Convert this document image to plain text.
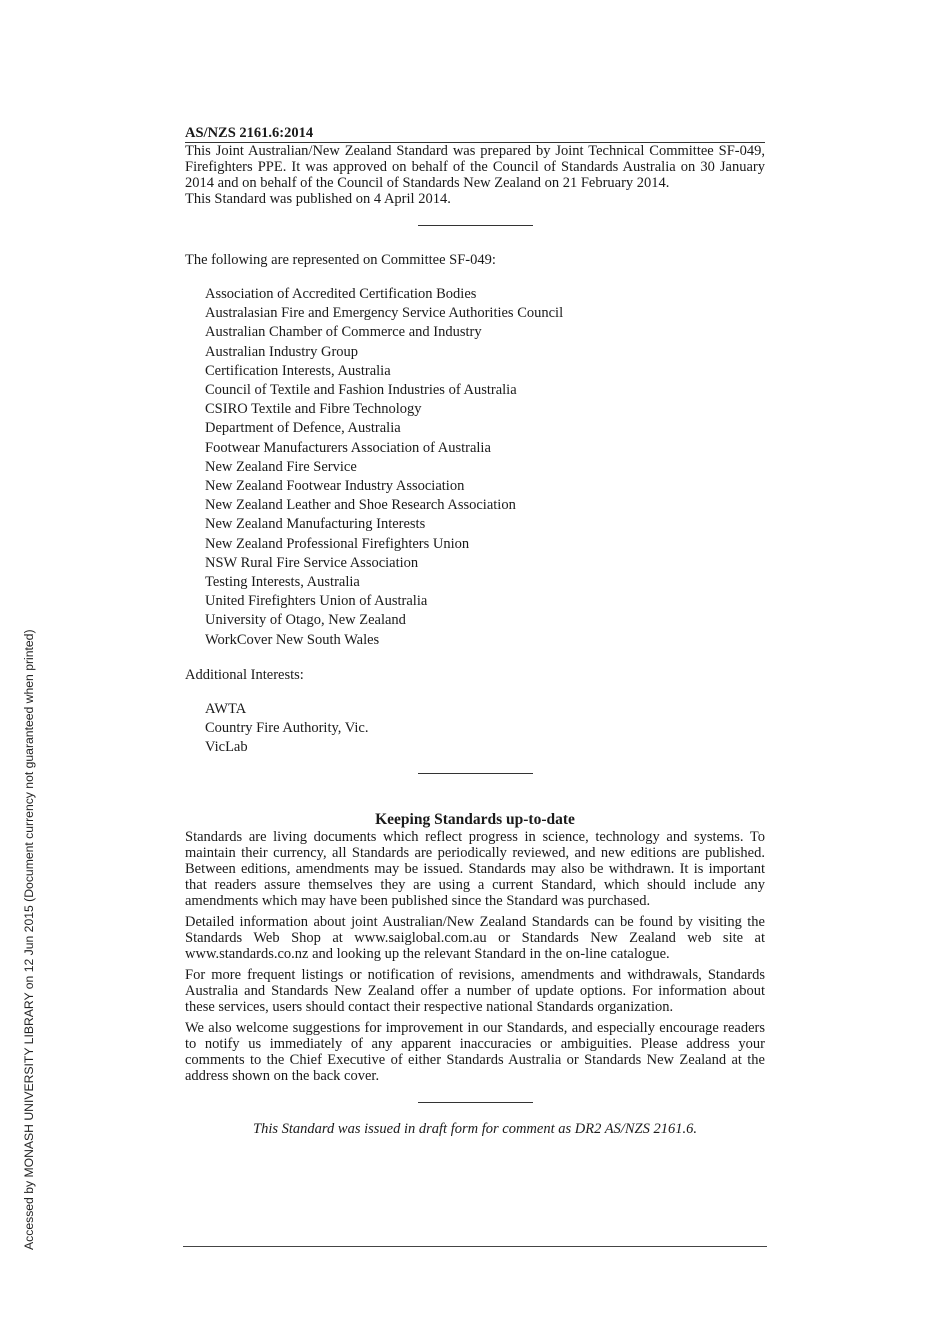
Accessed by MONASH UNIVERSITY LIBRARY on 12 Jun 2015 (Document currency not guaranteed when printed)
AS/NZS 2161.6:2014

This Joint Australian/New Zealand Standard was prepared by Joint Technical Committee SF-049, Firefighters PPE. It was approved on behalf of the Council of Standards Australia on 30 January 2014 and on behalf of the Council of Standards New Zealand on 21 February 2014.

This Standard was published on 4 April 2014.

The following are represented on Committee SF-049:

Association of Accredited Certification Bodies
Australasian Fire and Emergency Service Authorities Council
Australian Chamber of Commerce and Industry
Australian Industry Group
Certification Interests, Australia
Council of Textile and Fashion Industries of Australia
CSIRO Textile and Fibre Technology
Department of Defence, Australia
Footwear Manufacturers Association of Australia
New Zealand Fire Service
New Zealand Footwear Industry Association
New Zealand Leather and Shoe Research Association
New Zealand Manufacturing Interests
New Zealand Professional Firefighters Union
NSW Rural Fire Service Association
Testing Interests, Australia
United Firefighters Union of Australia
University of Otago, New Zealand
WorkCover New South Wales

Additional Interests:

AWTA
Country Fire Authority, Vic.
VicLab
Keeping Standards up-to-date

Standards are living documents which reflect progress in science, technology and systems. To maintain their currency, all Standards are periodically reviewed, and new editions are published. Between editions, amendments may be issued. Standards may also be withdrawn. It is important that readers assure themselves they are using a current Standard, which should include any amendments which may have been published since the Standard was purchased.

Detailed information about joint Australian/New Zealand Standards can be found by visiting the Standards Web Shop at www.saiglobal.com.au or Standards New Zealand web site at www.standards.co.nz and looking up the relevant Standard in the on-line catalogue.

For more frequent listings or notification of revisions, amendments and withdrawals, Standards Australia and Standards New Zealand offer a number of update options. For information about these services, users should contact their respective national Standards organization.

We also welcome suggestions for improvement in our Standards, and especially encourage readers to notify us immediately of any apparent inaccuracies or ambiguities. Please address your comments to the Chief Executive of either Standards Australia or Standards New Zealand at the address shown on the back cover.

This Standard was issued in draft form for comment as DR2 AS/NZS 2161.6.
